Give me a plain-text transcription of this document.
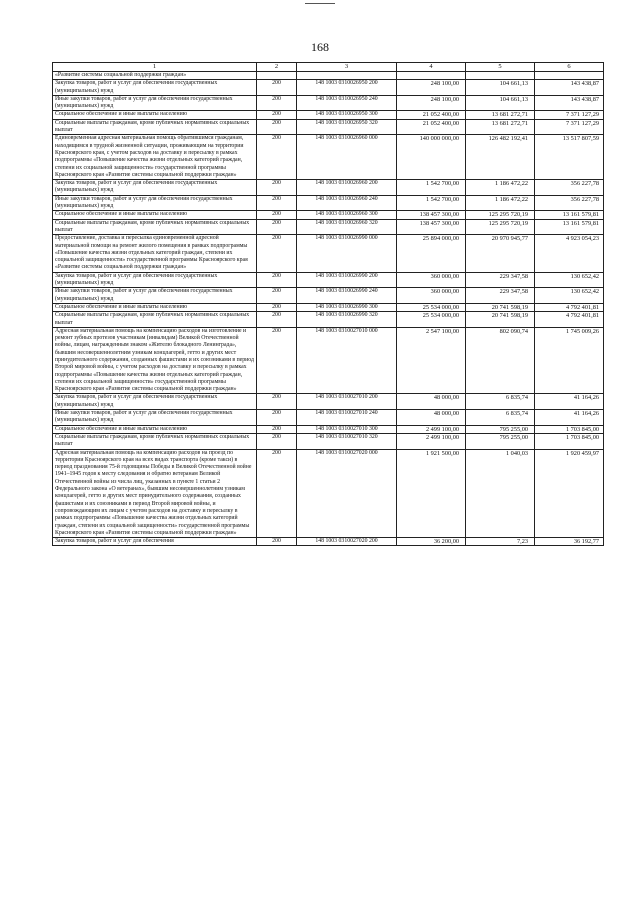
168
1	2	3	4	5	6
«Развитие системы социальной поддержки граждан»					
Закупка товаров, работ и услуг для обеспечения государственных (муниципальных) нужд	200	148 1003 0310026950 200	248 100,00	104 661,13	143 438,87
Иные закупки товаров, работ и услуг для обеспечения государственных (муниципальных) нужд	200	148 1003 0310026950 240	248 100,00	104 661,13	143 438,87
Социальное обеспечение и иные выплаты населению	200	148 1003 0310026950 300	21 052 400,00	13 681 272,71	7 371 127,29
Социальные выплаты гражданам, кроме публичных нормативных социальных выплат	200	148 1003 0310026950 320	21 052 400,00	13 681 272,71	7 371 127,29
Единовременная адресная материальная помощь обратившимся гражданам, находящимся в трудной жизненной ситуации, проживающим на территории Красноярского края, с учетом расходов на доставку и пересылку в рамках подпрограммы «Повышение качества жизни отдельных категорий граждан, степени их социальной защищенности» государственной программы Красноярского края «Развитие системы социальной поддержки граждан»	200	148 1003 0310026960 000	140 000 000,00	126 482 192,41	13 517 807,59
Закупка товаров, работ и услуг для обеспечения государственных (муниципальных) нужд	200	148 1003 0310026960 200	1 542 700,00	1 186 472,22	356 227,78
Иные закупки товаров, работ и услуг для обеспечения государственных (муниципальных) нужд	200	148 1003 0310026960 240	1 542 700,00	1 186 472,22	356 227,78
Социальное обеспечение и иные выплаты населению	200	148 1003 0310026960 300	138 457 300,00	125 295 720,19	13 161 579,81
Социальные выплаты гражданам, кроме публичных нормативных социальных выплат	200	148 1003 0310026960 320	138 457 300,00	125 295 720,19	13 161 579,81
Предоставление, доставка и пересылка единовременной адресной материальной помощи на ремонт жилого помещения в рамках подпрограммы «Повышение качества жизни отдельных категорий граждан, степени их социальной защищенности» государственной программы Красноярского края «Развитие системы социальной поддержки граждан»	200	148 1003 0310026990 000	25 894 000,00	20 970 945,77	4 923 054,23
Закупка товаров, работ и услуг для обеспечения государственных (муниципальных) нужд	200	148 1003 0310026990 200	360 000,00	229 347,58	130 652,42
Иные закупки товаров, работ и услуг для обеспечения государственных (муниципальных) нужд	200	148 1003 0310026990 240	360 000,00	229 347,58	130 652,42
Социальное обеспечение и иные выплаты населению	200	148 1003 0310026990 300	25 534 000,00	20 741 598,19	4 792 401,81
Социальные выплаты гражданам, кроме публичных нормативных социальных выплат	200	148 1003 0310026990 320	25 534 000,00	20 741 598,19	4 792 401,81
Адресная материальная помощь на компенсацию расходов на изготовление и ремонт зубных протезов участникам (инвалидам) Великой Отечественной войны, лицам, награжденным знаком «Жителю блокадного Ленинграда», бывшим несовершеннолетним узникам концлагерей, гетто и других мест принудительного содержания, созданных фашистами и их союзниками в период Второй мировой войны, с учетом расходов на доставку и пересылку в рамках подпрограммы «Повышение качества жизни отдельных категорий граждан, степени их социальной защищенности» государственной программы Красноярского края «Развитие системы социальной поддержки граждан»	200	148 1003 0310027010 000	2 547 100,00	802 090,74	1 745 009,26
Закупка товаров, работ и услуг для обеспечения государственных (муниципальных) нужд	200	148 1003 0310027010 200	48 000,00	6 835,74	41 164,26
Иные закупки товаров, работ и услуг для обеспечения государственных (муниципальных) нужд	200	148 1003 0310027010 240	48 000,00	6 835,74	41 164,26
Социальное обеспечение и иные выплаты населению	200	148 1003 0310027010 300	2 499 100,00	795 255,00	1 703 845,00
Социальные выплаты гражданам, кроме публичных нормативных социальных выплат	200	148 1003 0310027010 320	2 499 100,00	795 255,00	1 703 845,00
Адресная материальная помощь на компенсацию расходов на проезд по территории Красноярского края на всех видах транспорта (кроме такси) в период празднования 75-й годовщины Победы в Великой Отечественной войне 1941–1945 годов к месту следования и обратно ветеранам Великой Отечественной войны из числа лиц, указанных в пункте 1 статьи 2 Федерального закона «О ветеранах», бывшим несовершеннолетним узникам концлагерей, гетто и других мест принудительного содержания, созданных фашистами и их союзниками в период Второй мировой войны, и сопровождающим их лицам с учетом расходов на доставку и пересылку в рамках подпрограммы «Повышение качества жизни отдельных категорий граждан, степени их социальной защищенности» государственной программы Красноярского края «Развитие системы социальной поддержки граждан»	200	148 1003 0310027020 000	1 921 500,00	1 040,03	1 920 459,97
Закупка товаров, работ и услуг для обеспечения	200	148 1003 0310027020 200	36 200,00	7,23	36 192,77
